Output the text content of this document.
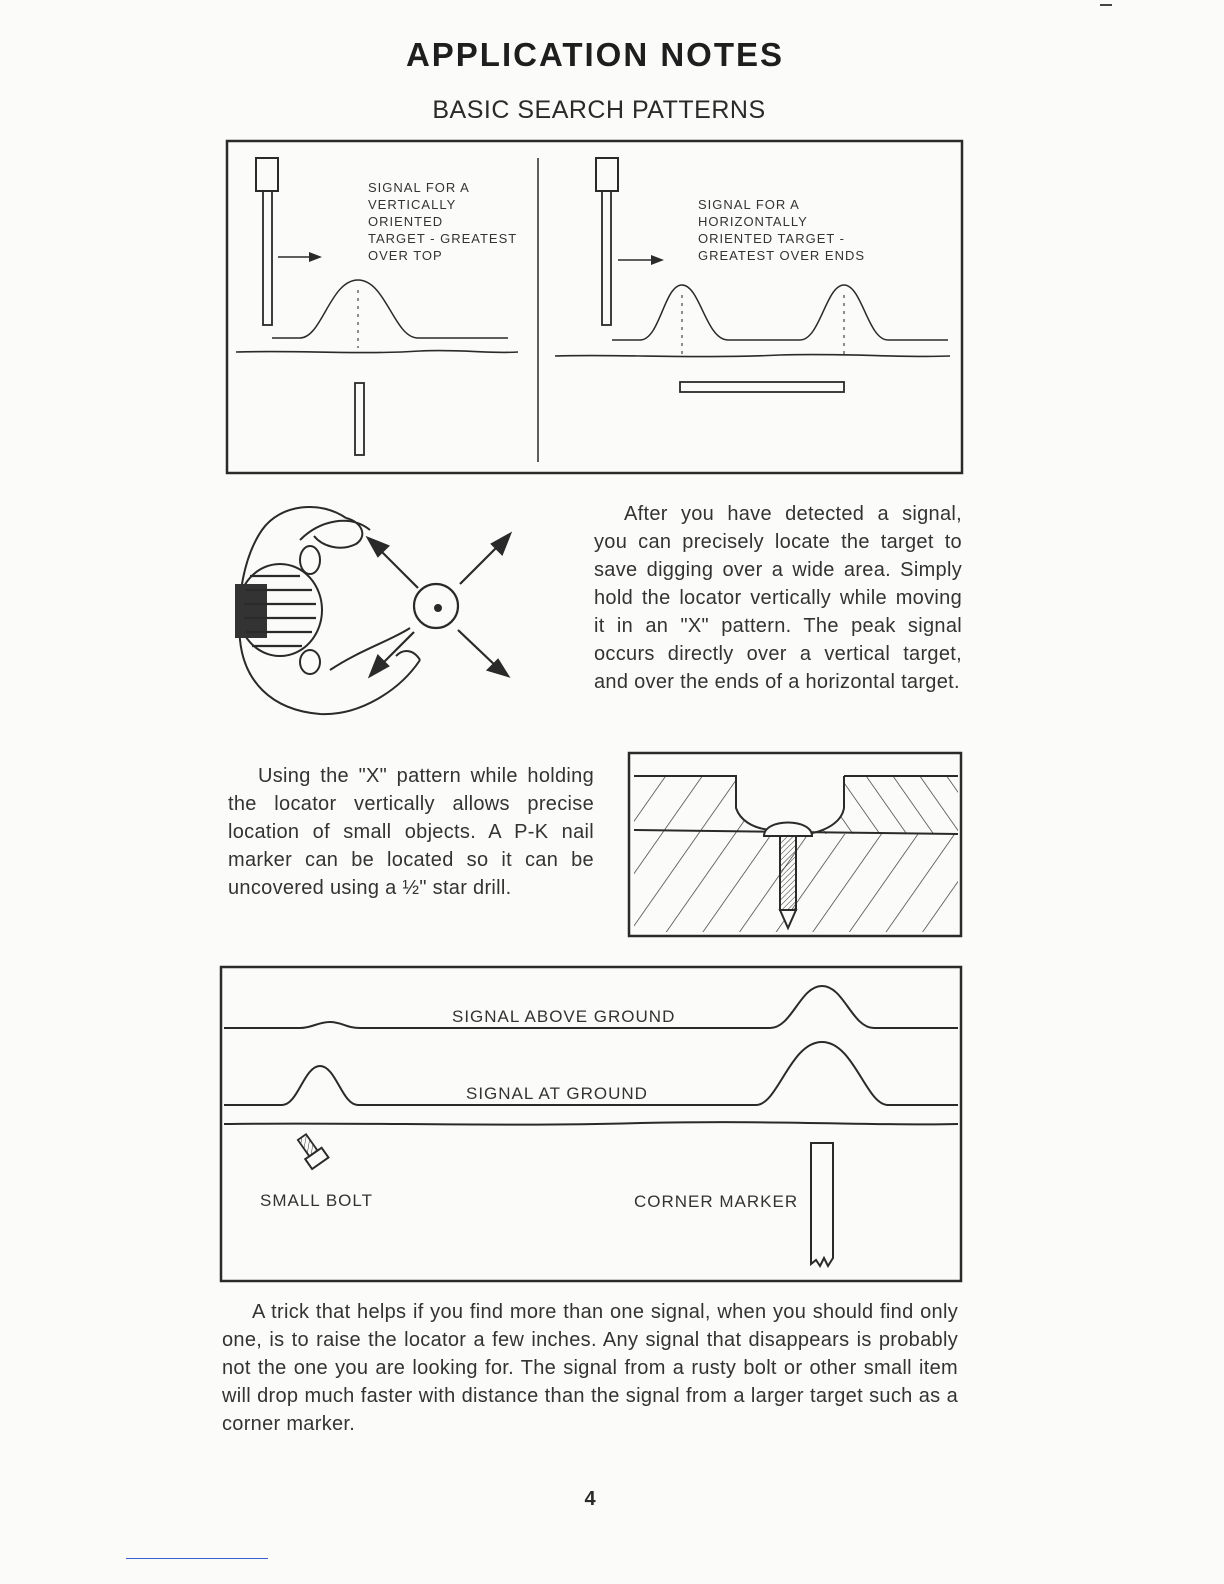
APPLICATION NOTES
BASIC SEARCH PATTERNS
SIGNAL FOR A VERTICALLY ORIENTED TARGET - GREATEST OVER TOP
SIGNAL FOR A HORIZONTALLY ORIENTED TARGET - GREATEST OVER ENDS
SIGNAL ABOVE GROUND
SIGNAL AT GROUND
SMALL BOLT	CORNER MARKER

After you have detected a signal, you can precisely locate the target to save digging over a wide area. Simply hold the locator vertically while moving it in an "X" pattern. The peak signal occurs directly over a vertical target, and over the ends of a horizontal target.

Using the "X" pattern while holding the locator vertically allows precise location of small objects. A P-K nail marker can be located so it can be uncovered using a ½" star drill.

A trick that helps if you find more than one signal, when you should find only one, is to raise the locator a few inches. Any signal that disappears is probably not the one you are looking for. The signal from a rusty bolt or other small item will drop much faster with distance than the signal from a larger target such as a corner marker.

4
